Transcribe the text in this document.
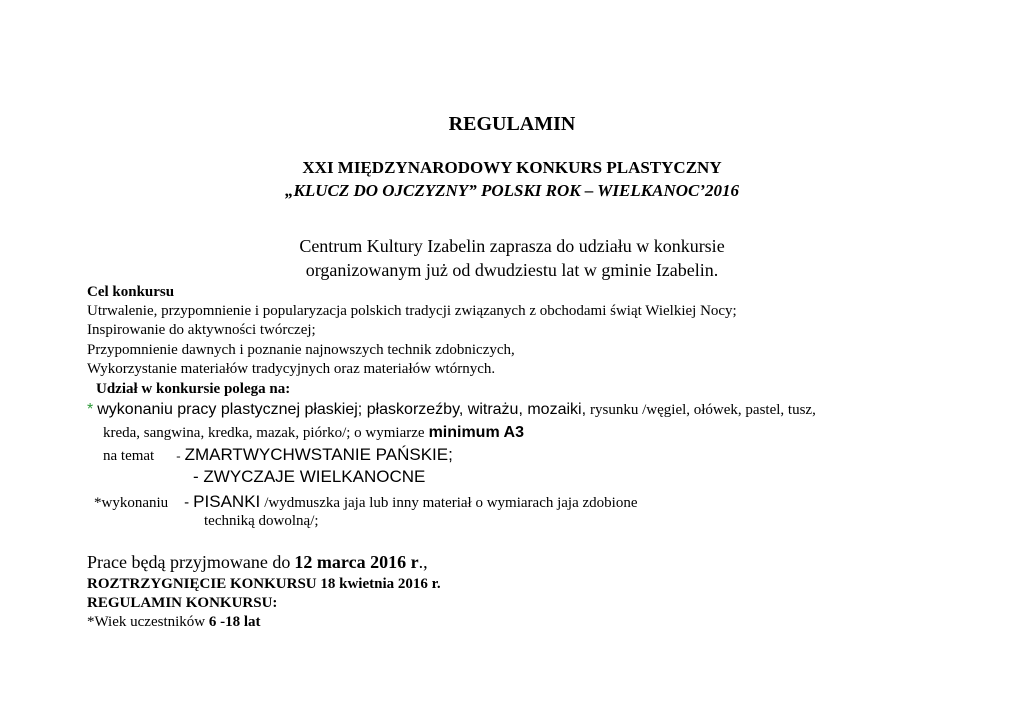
REGULAMIN
XXI MIĘDZYNARODOWY KONKURS PLASTYCZNY
„KLUCZ DO OJCZYZNY” POLSKI ROK – WIELKANOC’2016
Centrum Kultury Izabelin zaprasza do udziału w konkursie
organizowanym już od dwudziestu lat w gminie Izabelin.
Cel konkursu
Utrwalenie, przypomnienie i popularyzacja polskich tradycji związanych z obchodami świąt Wielkiej Nocy;
Inspirowanie do aktywności twórczej;
Przypomnienie dawnych i poznanie najnowszych technik zdobniczych,
Wykorzystanie materiałów tradycyjnych oraz materiałów wtórnych.
Udział w konkursie polega na:
* wykonaniu pracy plastycznej płaskiej; płaskorzeźby, witrażu, mozaiki, rysunku /węgiel, ołówek, pastel, tusz,
kreda, sangwina, kredka, mazak, piórko/; o wymiarze minimum A3
na temat - ZMARTWYCHWSTANIE PAŃSKIE;
- ZWYCZAJE WIELKANOCNE
*wykonaniu - PISANKI /wydmuszka jaja lub inny materiał o wymiarach jaja zdobione
techniką dowolną/;
Prace będą przyjmowane do 12 marca 2016 r.,
ROZTRZYGNIĘCIE KONKURSU 18 kwietnia 2016 r.
REGULAMIN KONKURSU:
*Wiek uczestników 6 -18 lat
